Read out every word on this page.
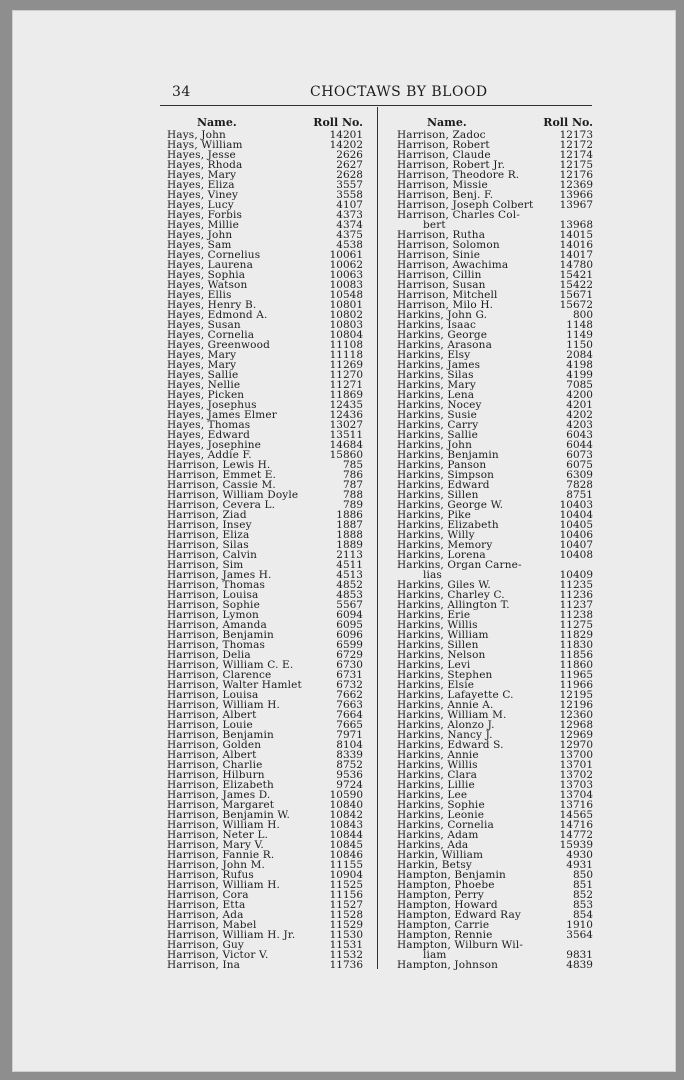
34	CHOCTAWS BY BLOOD
Name.	Roll No.
Hays, John	14201
Hays, William	14202
Hayes, Jesse	2626
Hayes, Rhoda	2627
Hayes, Mary	2628
Hayes, Eliza	3557
Hayes, Viney	3558
Hayes, Lucy	4107
Hayes, Forbis	4373
Hayes, Millie	4374
Hayes, John	4375
Hayes, Sam	4538
Hayes, Cornelius	10061
Hayes, Laurena	10062
Hayes, Sophia	10063
Hayes, Watson	10083
Hayes, Ellis	10548
Hayes, Henry B.	10801
Hayes, Edmond A.	10802
Hayes, Susan	10803
Hayes, Cornelia	10804
Hayes, Greenwood	11108
Hayes, Mary	11118
Hayes, Mary	11269
Hayes, Sallie	11270
Hayes, Nellie	11271
Hayes, Picken	11869
Hayes, Josephus	12435
Hayes, James Elmer	12436
Hayes, Thomas	13027
Hayes, Edward	13511
Hayes, Josephine	14684
Hayes, Addie F.	15860
Harrison, Lewis H.	785
Harrison, Emmet E.	786
Harrison, Cassie M.	787
Harrison, William Doyle	788
Harrison, Cevera L.	789
Harrison, Ziad	1886
Harrison, Insey	1887
Harrison, Eliza	1888
Harrison, Silas	1889
Harrison, Calvin	2113
Harrison, Sim	4511
Harrison, James H.	4513
Harrison, Thomas	4852
Harrison, Louisa	4853
Harrison, Sophie	5567
Harrison, Lymon	6094
Harrison, Amanda	6095
Harrison, Benjamin	6096
Harrison, Thomas	6599
Harrison, Delia	6729
Harrison, William C. E.	6730
Harrison, Clarence	6731
Harrison, Walter Hamlet	6732
Harrison, Louisa	7662
Harrison, William H.	7663
Harrison, Albert	7664
Harrison, Louie	7665
Harrison, Benjamin	7971
Harrison, Golden	8104
Harrison, Albert	8339
Harrison, Charlie	8752
Harrison, Hilburn	9536
Harrison, Elizabeth	9724
Harrison, James D.	10590
Harrison, Margaret	10840
Harrison, Benjamin W.	10842
Harrison, William H.	10843
Harrison, Neter L.	10844
Harrison, Mary V.	10845
Harrison, Fannie R.	10846
Harrison, John M.	11155
Harrison, Rufus	10904
Harrison, William H.	11525
Harrison, Cora	11156
Harrison, Etta	11527
Harrison, Ada	11528
Harrison, Mabel	11529
Harrison, William H. Jr.	11530
Harrison, Guy	11531
Harrison, Victor V.	11532
Harrison, Ina	11736
Name.	Roll No.
Harrison, Zadoc	12173
Harrison, Robert	12172
Harrison, Claude	12174
Harrison, Robert Jr.	12175
Harrison, Theodore R.	12176
Harrison, Missie	12369
Harrison, Benj. F.	13966
Harrison, Joseph Colbert 13967
Harrison, Charles Col-
bert	13968
Harrison, Rutha	14015
Harrison, Solomon	14016
Harrison, Sinie	14017
Harrison, Awachima	14780
Harrison, Cillin	15421
Harrison, Susan	15422
Harrison, Mitchell	15671
Harrison, Milo H.	15672
Harkins, John G.	800
Harkins, Isaac	1148
Harkins, George	1149
Harkins, Arasona	1150
Harkins, Elsy	2084
Harkins, James	4198
Harkins, Silas	4199
Harkins, Mary	7085
Harkins, Lena	4200
Harkins, Nocey	4201
Harkins, Susie	4202
Harkins, Carry	4203
Harkins, Sallie	6043
Harkins, John	6044
Harkins, Benjamin	6073
Harkins, Panson	6075
Harkins, Simpson	6309
Harkins, Edward	7828
Harkins, Sillen	8751
Harkins, George W.	10403
Harkins, Pike	10404
Harkins, Elizabeth	10405
Harkins, Willy	10406
Harkins, Memory	10407
Harkins, Lorena	10408
Harkins, Organ Carne-
lias	10409
Harkins, Giles W.	11235
Harkins, Charley C.	11236
Harkins, Allington T.	11237
Harkins, Erie	11238
Harkins, Willis	11275
Harkins, William	11829
Harkins, Sillen	11830
Harkins, Nelson	11856
Harkins, Levi	11860
Harkins, Stephen	11965
Harkins, Elsie	11966
Harkins, Lafayette C.	12195
Harkins, Annie A.	12196
Harkins, William M.	12360
Harkins, Alonzo J.	12968
Harkins, Nancy J.	12969
Harkins, Edward S.	12970
Harkins, Annie	13700
Harkins, Willis	13701
Harkins, Clara	13702
Harkins, Lillie	13703
Harkins, Lee	13704
Harkins, Sophie	13716
Harkins, Leonie	14565
Harkins, Cornelia	14716
Harkins, Adam	14772
Harkins, Ada	15939
Harkin, William	4930
Harkin, Betsy	4931
Hampton, Benjamin	850
Hampton, Phoebe	851
Hampton, Perry	852
Hampton, Howard	853
Hampton, Edward Ray	854
Hampton, Carrie	1910
Hampton, Rennie	3564
Hampton, Wilburn Wil-
liam	9831
Hampton, Johnson	4839
